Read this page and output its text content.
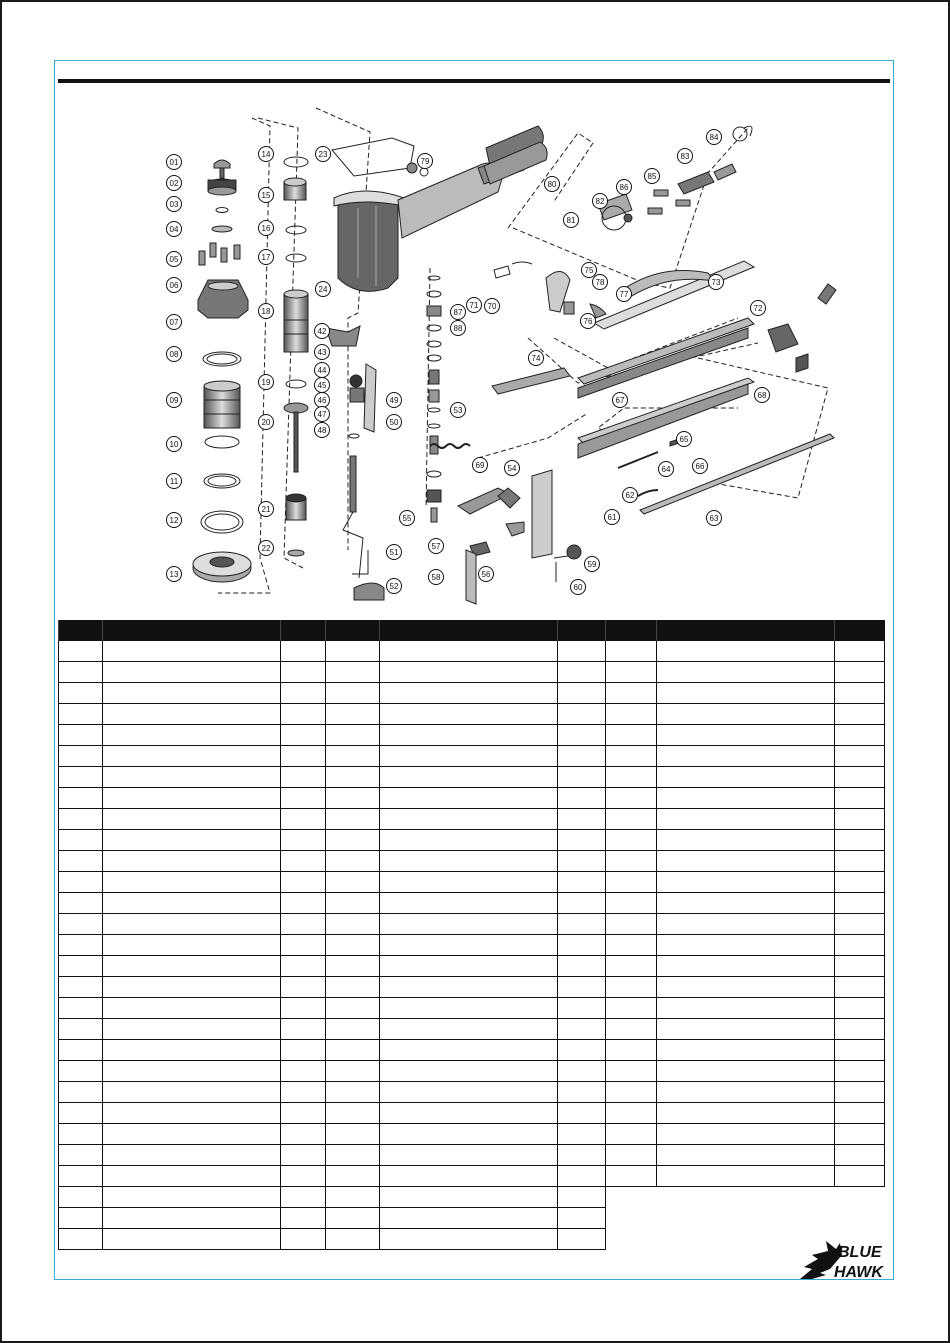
01
02
03
04
05
06
07
08
09
10
11
12
13
14
15
16
17
18
19
20
21
22
23
24
42
43
44
45
46
47
48
49
50
51
52
53
54
55
56
57
58
59
60
61
62
63
64
65
66
67
68
69
70
71	72
73
74
75
76
77
78
79
80
81
82
83
84
85
86
87
88

BLUE
HAWK
